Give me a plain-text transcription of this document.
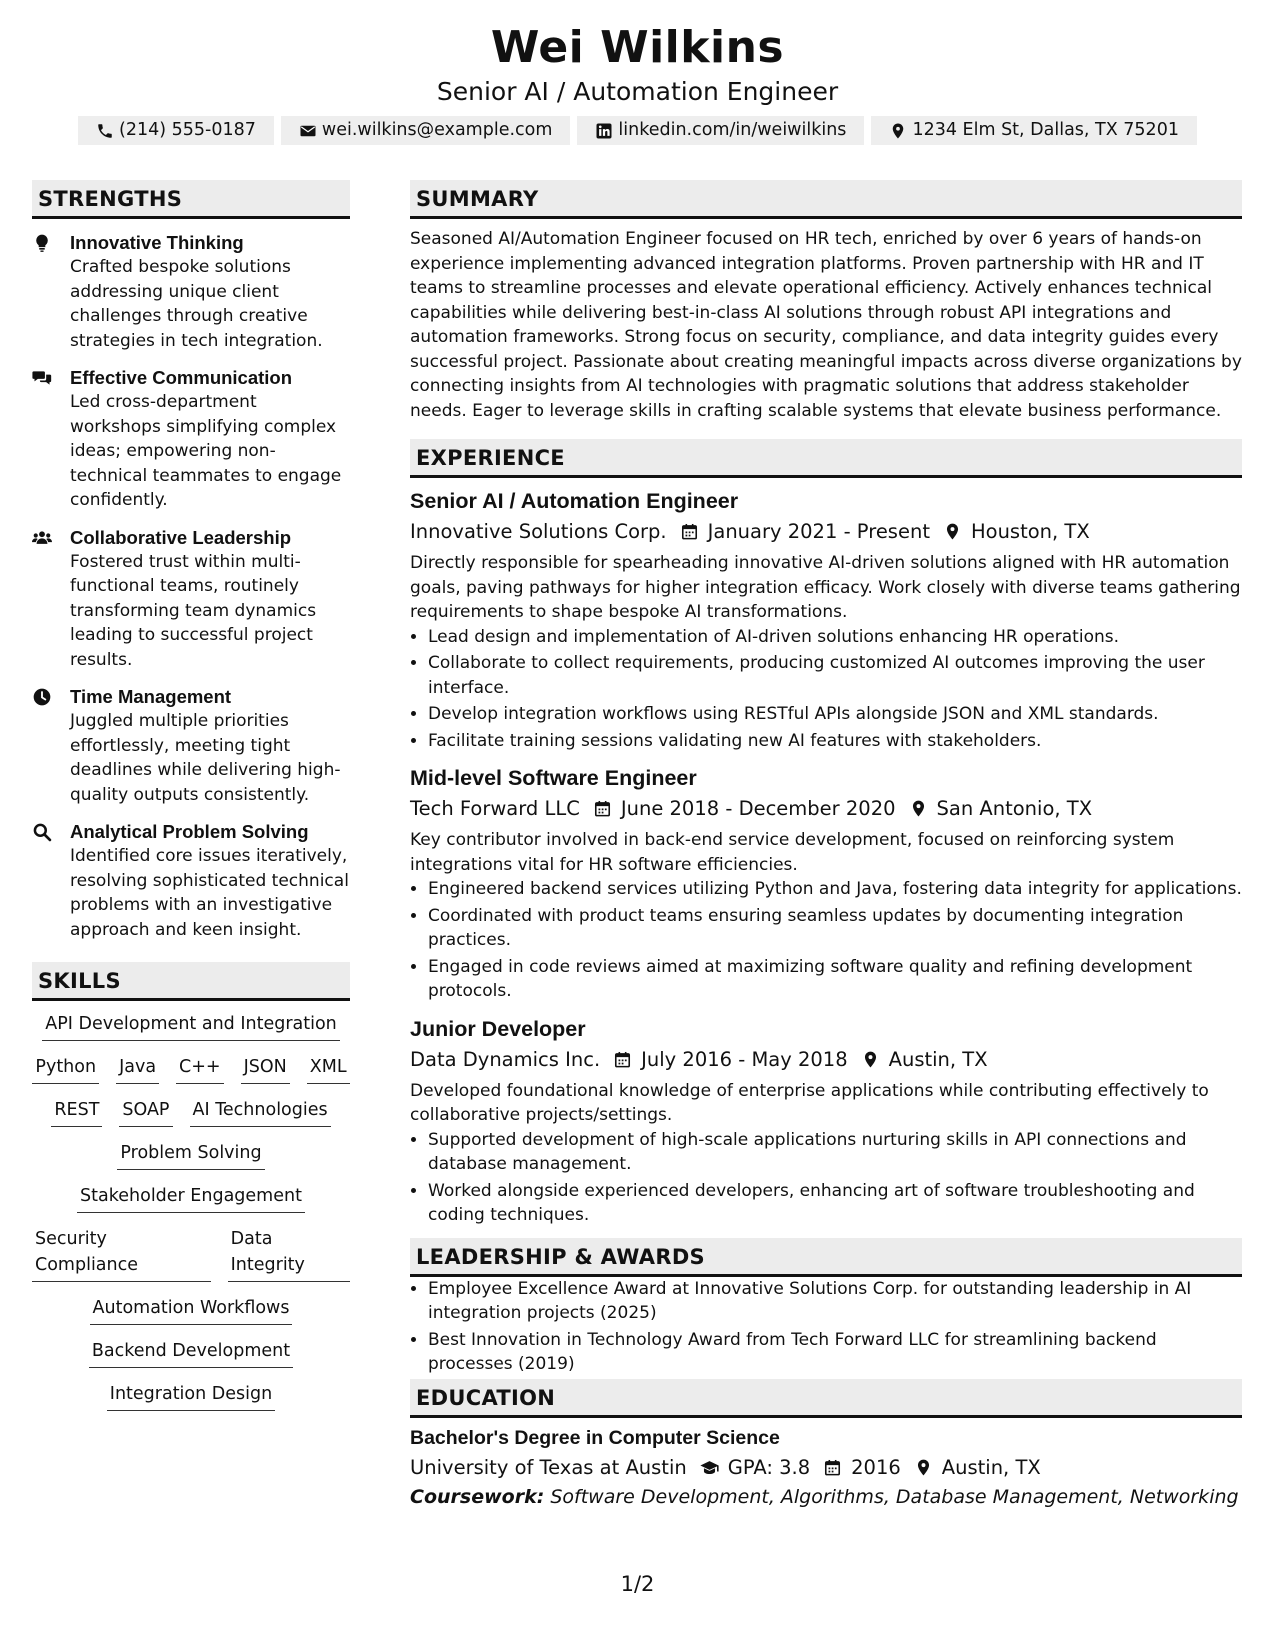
Wei Wilkins
Senior AI / Automation Engineer
(214) 555-0187	wei.wilkins@example.com	linkedin.com/in/weiwilkins	1234 Elm St, Dallas, TX 75201
STRENGTHS
Innovative Thinking
Crafted bespoke solutions addressing unique client challenges through creative strategies in tech integration.
Effective Communication
Led cross-department workshops simplifying complex ideas; empowering non-technical teammates to engage confidently.
Collaborative Leadership
Fostered trust within multi-functional teams, routinely transforming team dynamics leading to successful project results.
Time Management
Juggled multiple priorities effortlessly, meeting tight deadlines while delivering high-quality outputs consistently.
Analytical Problem Solving
Identified core issues iteratively, resolving sophisticated technical problems with an investigative approach and keen insight.
SKILLS
API Development and Integration
Python Java C++ JSON XML
REST SOAP AI Technologies
Problem Solving
Stakeholder Engagement
Security Compliance
Data Integrity
Automation Workflows
Backend Development
Integration Design
SUMMARY
Seasoned AI/Automation Engineer focused on HR tech, enriched by over 6 years of hands-on experience implementing advanced integration platforms. Proven partnership with HR and IT teams to streamline processes and elevate operational efficiency. Actively enhances technical capabilities while delivering best-in-class AI solutions through robust API integrations and automation frameworks. Strong focus on security, compliance, and data integrity guides every successful project. Passionate about creating meaningful impacts across diverse organizations by connecting insights from AI technologies with pragmatic solutions that address stakeholder needs. Eager to leverage skills in crafting scalable systems that elevate business performance.
EXPERIENCE
Senior AI / Automation Engineer
Innovative Solutions Corp. January 2021 - Present Houston, TX
Directly responsible for spearheading innovative AI-driven solutions aligned with HR automation goals, paving pathways for higher integration efficacy. Work closely with diverse teams gathering requirements to shape bespoke AI transformations.
• Lead design and implementation of AI-driven solutions enhancing HR operations.
• Collaborate to collect requirements, producing customized AI outcomes improving the user interface.
• Develop integration workflows using RESTful APIs alongside JSON and XML standards.
• Facilitate training sessions validating new AI features with stakeholders.
Mid-level Software Engineer
Tech Forward LLC June 2018 - December 2020 San Antonio, TX
Key contributor involved in back-end service development, focused on reinforcing system integrations vital for HR software efficiencies.
• Engineered backend services utilizing Python and Java, fostering data integrity for applications.
• Coordinated with product teams ensuring seamless updates by documenting integration practices.
• Engaged in code reviews aimed at maximizing software quality and refining development protocols.
Junior Developer
Data Dynamics Inc. July 2016 - May 2018 Austin, TX
Developed foundational knowledge of enterprise applications while contributing effectively to collaborative projects/settings.
• Supported development of high-scale applications nurturing skills in API connections and database management.
• Worked alongside experienced developers, enhancing art of software troubleshooting and coding techniques.
LEADERSHIP & AWARDS
• Employee Excellence Award at Innovative Solutions Corp. for outstanding leadership in AI integration projects (2025)
• Best Innovation in Technology Award from Tech Forward LLC for streamlining backend processes (2019)
EDUCATION
Bachelor's Degree in Computer Science
University of Texas at Austin GPA: 3.8 2016 Austin, TX
Coursework: Software Development, Algorithms, Database Management, Networking
1/2
